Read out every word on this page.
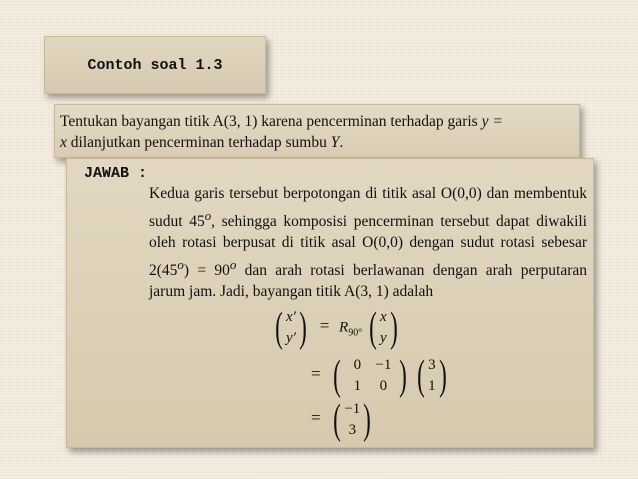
Contoh soal 1.3
Tentukan bayangan titik A(3, 1) karena pencerminan terhadap garis y =
x dilanjutkan pencerminan terhadap sumbu Y.
JAWAB :
Kedua garis tersebut berpotongan di titik asal O(0,0) dan membentuk sudut 45$^o$, sehingga komposisi pencerminan tersebut dapat diwakili oleh rotasi berpusat di titik asal O(0,0) dengan sudut rotasi sebesar $2(45^o) = 90^o$ dan arah rotasi berlawanan dengan arah perputaran jarum jam. Jadi, bayangan titik A(3, 1) adalah
( x′
y′ ) = $R_{90^\circ}$ ( x
y )
= ( 0 −1
1	0 )
( 3
1 )
= ( −1
3 )
